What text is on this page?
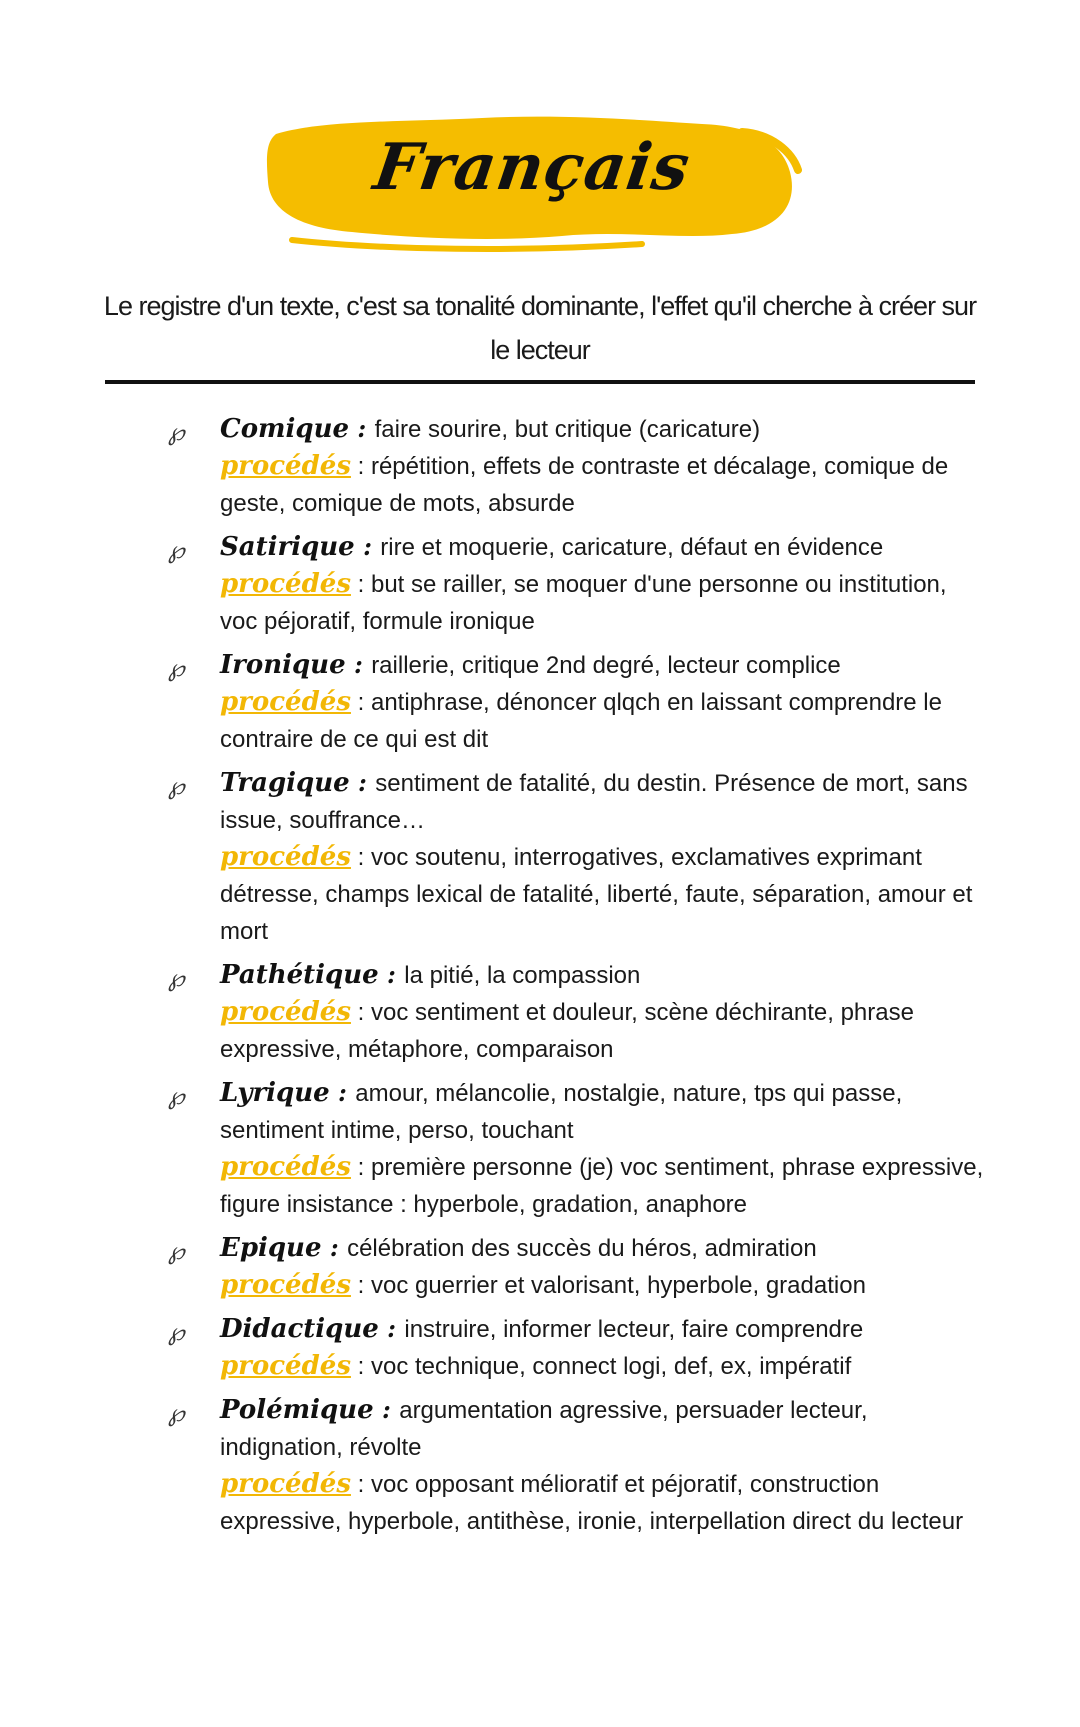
Français
Le registre d'un texte, c'est sa tonalité dominante, l'effet qu'il cherche à créer sur le lecteur
℘ Comique : faire sourire, but critique (caricature)
procédés : répétition, effets de contraste et décalage, comique de geste, comique de mots, absurde
℘ Satirique : rire et moquerie, caricature, défaut en évidence
procédés : but se railler, se moquer d'une personne ou institution, voc péjoratif, formule ironique
℘ Ironique : raillerie, critique 2nd degré, lecteur complice
procédés : antiphrase, dénoncer qlqch en laissant comprendre le contraire de ce qui est dit
℘ Tragique : sentiment de fatalité, du destin. Présence de mort, sans issue, souffrance…
procédés : voc soutenu, interrogatives, exclamatives exprimant détresse, champs lexical de fatalité, liberté, faute, séparation, amour et mort
℘ Pathétique : la pitié, la compassion
procédés : voc sentiment et douleur, scène déchirante, phrase expressive, métaphore, comparaison
℘ Lyrique : amour, mélancolie, nostalgie, nature, tps qui passe, sentiment intime, perso, touchant
procédés : première personne (je) voc sentiment, phrase expressive, figure insistance : hyperbole, gradation, anaphore
℘ Epique : célébration des succès du héros, admiration
procédés : voc guerrier et valorisant, hyperbole, gradation
℘ Didactique : instruire, informer lecteur, faire comprendre
procédés : voc technique, connect logi, def, ex, impératif
℘ Polémique : argumentation agressive, persuader lecteur, indignation, révolte
procédés : voc opposant mélioratif et péjoratif, construction expressive, hyperbole, antithèse, ironie, interpellation direct du lecteur
